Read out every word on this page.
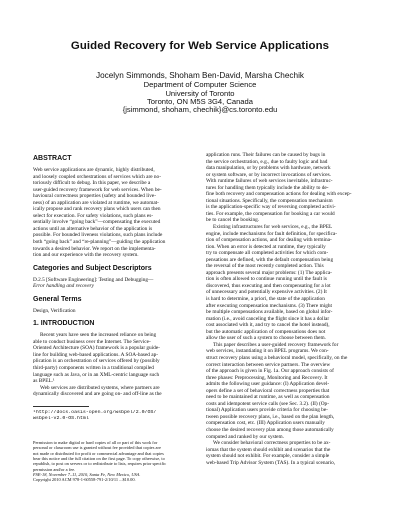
Guided Recovery for Web Service Applications
Jocelyn Simmonds, Shoham Ben-David, Marsha Chechik
Department of Computer Science
University of Toronto
Toronto, ON M5S 3G4, Canada
{jsimmond, shoham, chechik}@cs.toronto.edu
ABSTRACT
Web service applications are dynamic, highly distributed,
and loosely coupled orchestrations of services which are no-
toriously difficult to debug. In this paper, we describe a
user-guided recovery framework for web services. When be-
havioural correctness properties (safety and bounded live-
ness) of an application are violated at runtime, we automat-
ically propose and rank recovery plans which users can then
select for execution. For safety violations, such plans es-
sentially involve “going back”—compensating the executed
actions until an alternative behavior of the application is
possible. For bounded liveness violations, such plans include
both “going back” and “re-planning”—guiding the application
towards a desired behavior. We report on the implementa-
tion and our experience with the recovery system.
Categories and Subject Descriptors
D.2.5 [Software Engineering]: Testing and Debugging—
Error handling and recovery
General Terms
Design, Verification
1. INTRODUCTION
Recent years have seen the increased reliance on being
able to conduct business over the Internet. The Service-
Oriented Architecture (SOA) framework is a popular guide-
line for building web-based applications. A SOA-based ap-
plication is an orchestration of services offered by (possibly
third-party) components written in a traditional compiled
language such as Java, or in an XML-centric language such
as BPEL.¹
Web services are distributed systems, where partners are
dynamically discovered and are going on- and off-line as the
¹http://docs.oasis-open.org/wsbpel/2.0/OS/
wsbpel-v2.0-OS.html
Permission to make digital or hard copies of all or part of this work for
personal or classroom use is granted without fee provided that copies are
not made or distributed for profit or commercial advantage and that copies
bear this notice and the full citation on the first page. To copy otherwise, to
republish, to post on servers or to redistribute to lists, requires prior specific
permission and/or a fee.
FSE-18, November 7–11, 2010, Santa Fe, New Mexico, USA.
Copyright 2010 ACM 978-1-60558-791-2/10/11 ...$10.00.
application runs. Their failures can be caused by bugs in
the service orchestration, e.g., due to faulty logic and bad
data manipulation, or by problems with hardware, network
or system software, or by incorrect invocations of services.
With runtime failures of web services inevitable, infrastruc-
tures for handling them typically include the ability to de-
fine both recovery and compensation actions for dealing with excep-
tional situations. Specifically, the compensation mechanism
is the application-specific way of reversing completed activi-
ties. For example, the compensation for booking a car would
be to cancel the booking.
Existing infrastructures for web services, e.g., the BPEL
engine, include mechanisms for fault definition, for specifica-
tion of compensation actions, and for dealing with termina-
tion. When an error is detected at runtime, they typically
try to compensate all completed activities for which com-
pensations are defined, with the default compensation being
the reversal of the most recently completed action. This
approach presents several major problems: (1) The applica-
tion is often allowed to continue running until the fault is
discovered, thus executing and then compensating for a lot
of unnecessary and potentially expensive activities. (2) It
is hard to determine, a priori, the state of the application
after executing compensation mechanisms. (3) There might
be multiple compensations available, based on global infor-
mation (i.e., avoid canceling the flight since it has a dollar
cost associated with it, and try to cancel the hotel instead),
but the automatic application of compensations does not
allow the user of such a system to choose between them.
This paper describes a user-guided recovery framework for
web services, instantiating it on BPEL programs. We con-
struct recovery plans using a behavioral model, specifically, on the
correct interaction between service partners. The overview
of the approach is given in Fig. 1a. Our approach consists of
three phases: Preprocessing, Monitoring and Recovery. It
admits the following user guidance: (I) Application devel-
opers define a set of behavioral correctness properties that
need to be maintained at runtime, as well as compensation
costs and idempotent service calls (see Sec. 3.2). (II) (Op-
tional) Application users provide criteria for choosing be-
tween possible recovery plans, i.e., based on the plan length,
compensation cost, etc. (III) Application users manually
choose the desired recovery plan among those automatically
computed and ranked by our system.
We consider behavioral correctness properties to be ax-
iomas that the system should exhibit and scenarios that the
system should not exhibit. For example, consider a simple
web-based Trip Advisor System (TAS). In a typical scenario,
